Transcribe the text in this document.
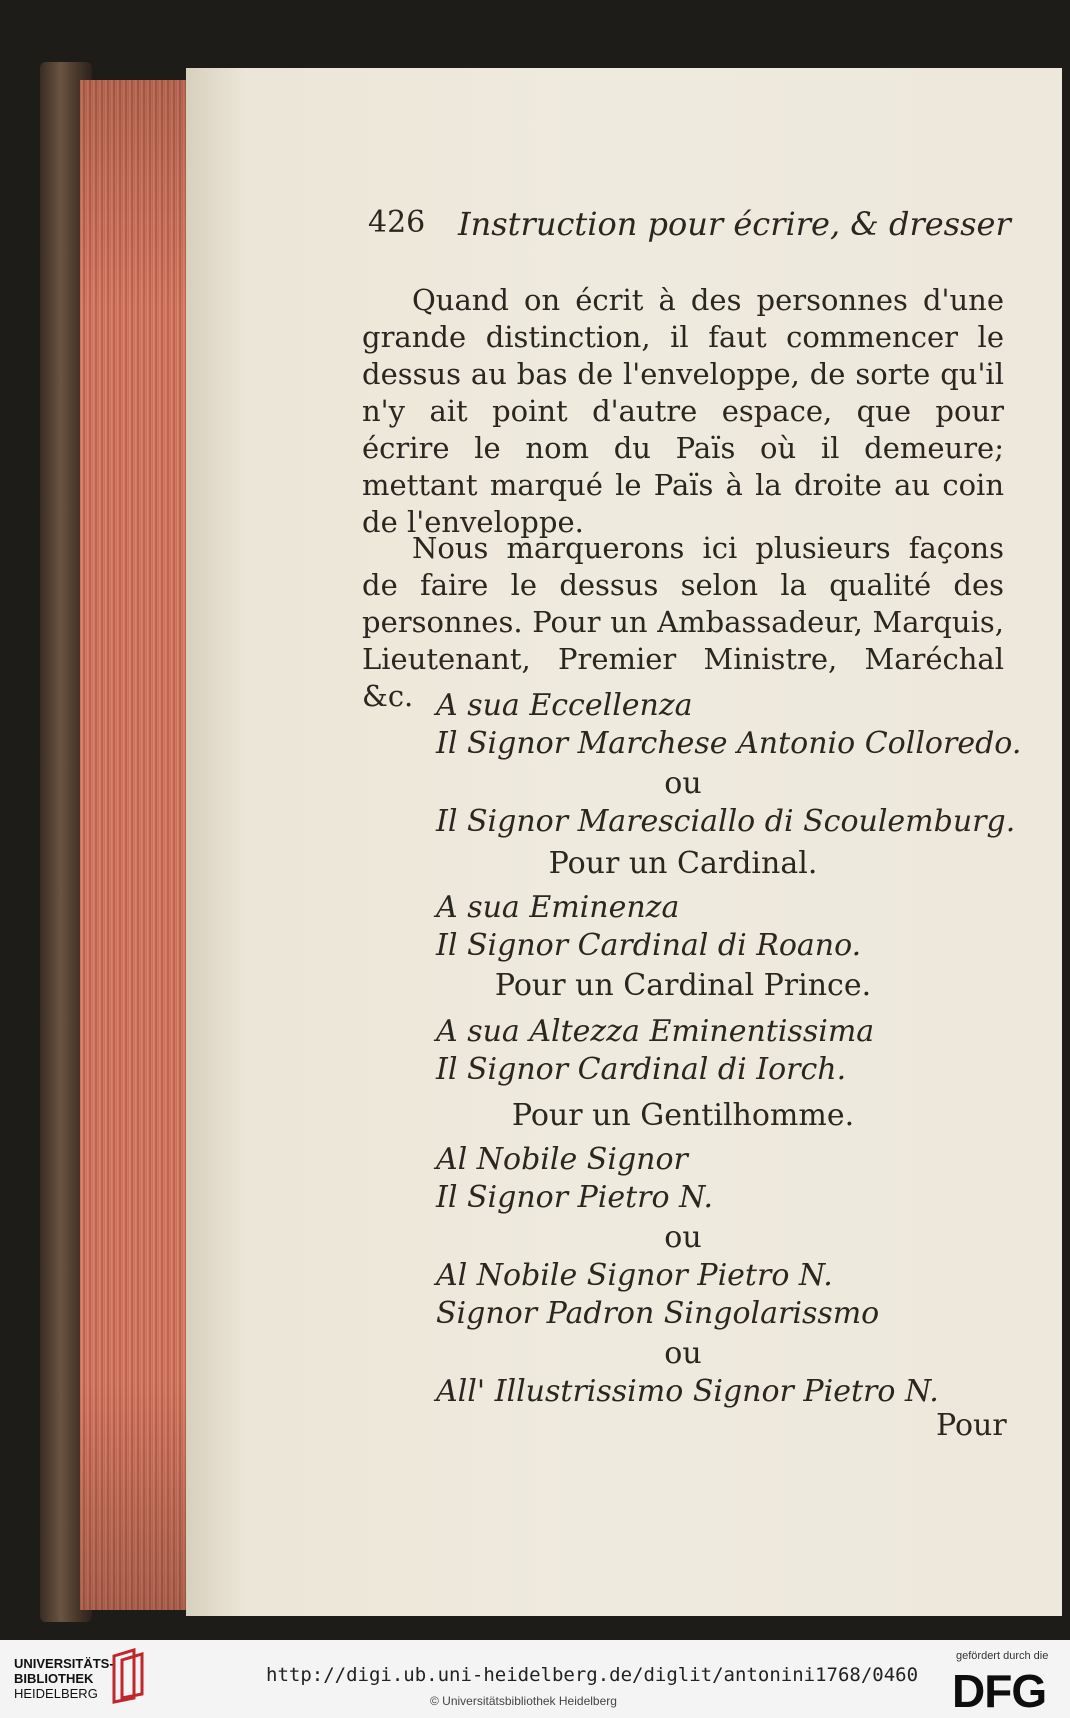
426 Instruction pour écrire, & dresser

Quand on écrit à des personnes d'une grande distinction, il faut commencer le dessus au bas de l'enveloppe, de sorte qu'il n'y ait point d'autre espace, que pour écrire le nom du Païs où il demeure; mettant marqué le Païs à la droite au coin de l'enveloppe.

Nous marquerons ici plusieurs façons de faire le dessus selon la qualité des personnes. Pour un Ambassadeur, Marquis, Lieutenant, Premier Ministre, Maréchal &c. A sua Eccellenza
Il Signor Marchese Antonio Colloredo.
ou
Il Signor Maresciallo di Scoulemburg.
Pour un Cardinal.
A sua Eminenza
Il Signor Cardinal di Roano.
Pour un Cardinal Prince.
A sua Altezza Eminentissima
Il Signor Cardinal di Iorch.
Pour un Gentilhomme.
Al Nobile Signor
Il Signor Pietro N.
ou
Al Nobile Signor Pietro N.
Signor Padron Singolarissmo
ou
All' Illustrissimo Signor Pietro N.
Pour
UNIVERSITÄTS-
BIBLIOTHEK
HEIDELBERG
http://digi.ub.uni-heidelberg.de/diglit/antonini1768/0460
© Universitätsbibliothek Heidelberg
gefördert durch die
DFG
